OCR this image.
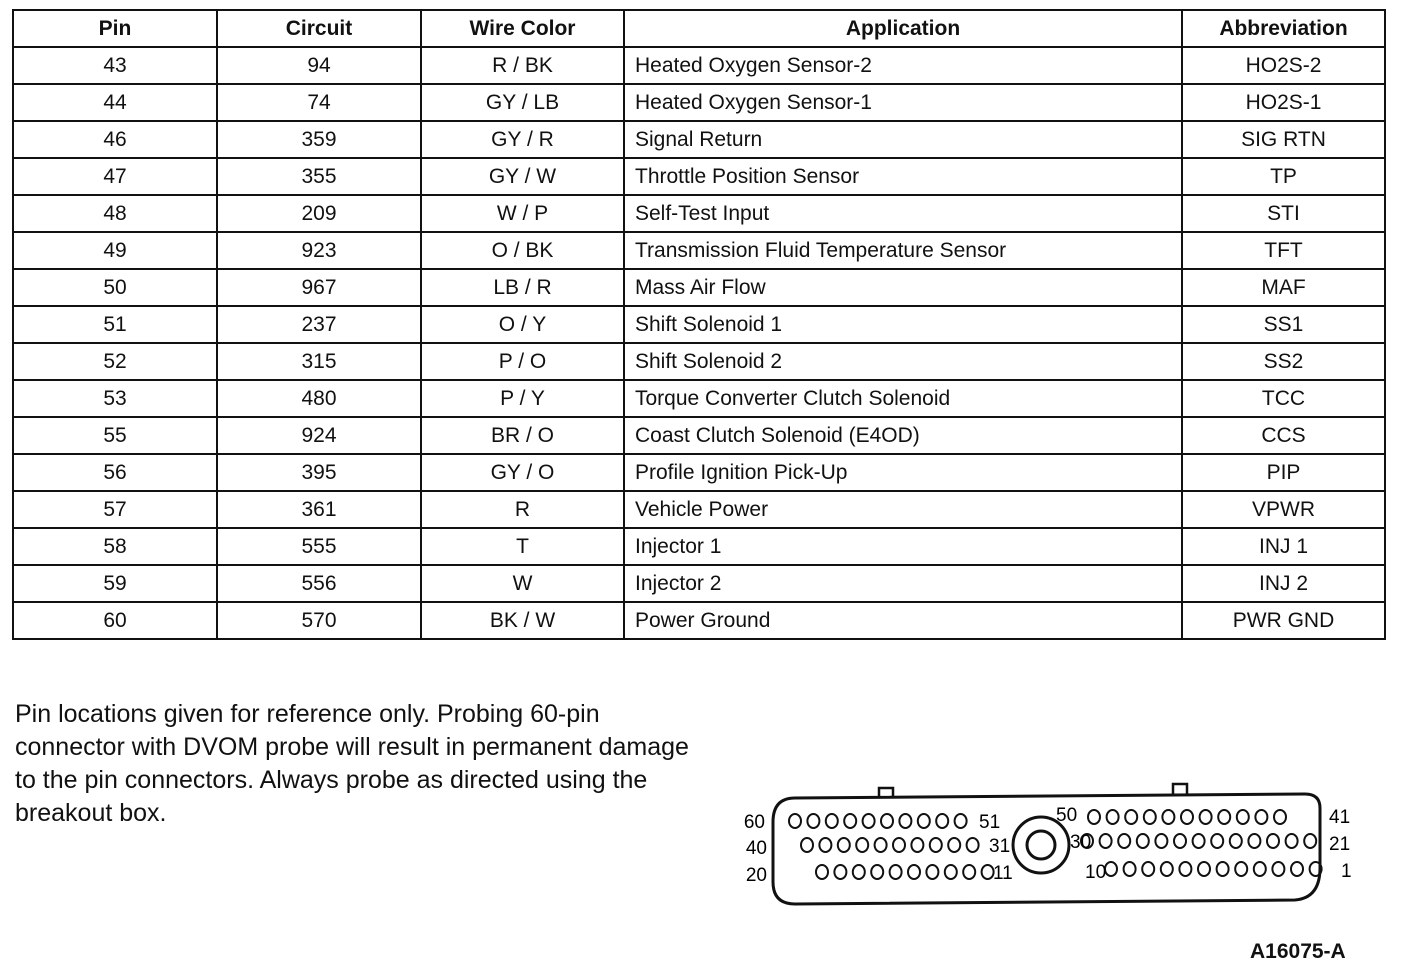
Pin	Circuit	Wire Color	Application	Abbreviation
43	94	R / BK	Heated Oxygen Sensor-2	HO2S-2
44	74	GY / LB	Heated Oxygen Sensor-1	HO2S-1
46	359	GY / R	Signal Return	SIG RTN
47	355	GY / W	Throttle Position Sensor	TP
48	209	W / P	Self-Test Input	STI
49	923	O / BK	Transmission Fluid Temperature Sensor	TFT
50	967	LB / R	Mass Air Flow	MAF
51	237	O / Y	Shift Solenoid 1	SS1
52	315	P / O	Shift Solenoid 2	SS2
53	480	P / Y	Torque Converter Clutch Solenoid	TCC
55	924	BR / O	Coast Clutch Solenoid (E4OD)	CCS
56	395	GY / O	Profile Ignition Pick-Up	PIP
57	361	R	Vehicle Power	VPWR
58	555	T	Injector 1	INJ 1
59	556	W	Injector 2	INJ 2
60	570	BK / W	Power Ground	PWR GND

Pin locations given for reference only. Probing 60-pin connector with DVOM probe will result in permanent damage to the pin connectors. Always probe as directed using the breakout box.	60
40
20
41
21
1
51
31
11
50
30
10
A16075-A
